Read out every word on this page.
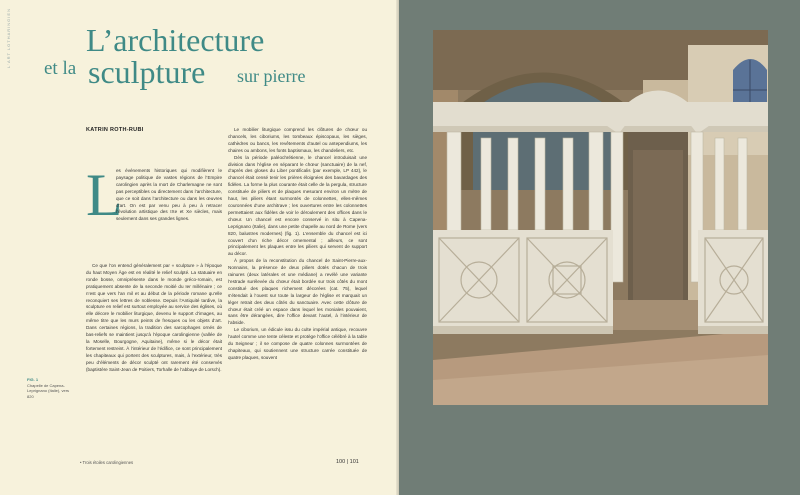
L'ART LOTHARINGIEN L’architecture
et la sculpture sur pierre
KATRIN ROTH-RUBI
L

es événements historiques qui modifièrent le paysage politique de vastes régions de l’Empire carolingien après la mort de Charlemagne ne sont pas perceptibles ou directement dans l’architecture, que ce soit dans l’architecture ou dans les œuvres d’art. On est par venu peu à peu à retracer l’évolution artistique des IXe et Xe siècles, mais seulement dans ses grandes lignes.

Ce que l’on entend généralement par « sculpture » à l’époque du haut Moyen Âge est en réalité le relief sculpté. La statuaire en ronde bosse, omniprésente dans le monde gréco-romain, est pratiquement absente de la seconde moitié du Ier millénaire ; ce n’est que vers l’an mil et au début de la période romane qu’elle reconquiert ses lettres de noblesse. Depuis l’Antiquité tardive, la sculpture en relief est surtout employée au service des églises, où elle décore le mobilier liturgique, devenu le support d’images, au même titre que les murs peints de fresques ou les objets d’art. Dans certaines régions, la tradition des sarcophages ornés de bas-reliefs se maintient jusqu’à l’époque carolingienne (vallée de la Moselle, Bourgogne, Aquitaine), même si le décor était fortement restreint. À l’intérieur de l’édifice, ce sont principalement les chapiteaux qui portent des sculptures, mais, à l’extérieur, très peu d’éléments de décor sculpté ont rarement été conservés (baptistère Saint-Jean de Poitiers, Torhalle de l’abbaye de Lorsch).

Le mobilier liturgique comprend les clôtures de chœur ou chancels, les ciboriums, les tombeaux épiscopaux, les sièges, cathèdres ou bancs, les revêtements d’autel ou antependiums, les chaires ou ambons, les fonts baptismaux, les chandeliers, etc.

Dès la période paléochrétienne, le chancel introduisait une division dans l’église en séparant le chœur (sanctuaire) de la nef, d’après des gloses du Liber pontificalis (par exemple, LP 442), le chancel était censé tenir les prières éloignées des bavardages des fidèles. La forme la plus courante était celle de la pergula, structure constituée de piliers et de plaques mesurant environ un mètre de haut, les piliers étant surmontés de colonnettes, elles-mêmes couronnées d’une architrave ; les ouvertures entre les colonnettes permettaient aux fidèles de voir le déroulement des offices dans le chœur. Un chancel est encore conservé in situ à Capena-Leprignano (Italie), dans une petite chapelle au nord de Rome (vers 820, balustres modernes) (fig. 1). L’ensemble du chancel est ici couvert d’un riche décor ornemental ; ailleurs, ce sont principalement les plaques entre les piliers qui servent de support au décor.

À propos de la reconstitution du chancel de Saint-Pierre-aux-Nonnains, la présence de deux piliers dotés chacun de trois rainures (deux latérales et une médiane) a revélé une variante l’estrade surélevée du chœur était bordée sur trois côtés du mont constitué des plaques richement décorées (cat. 75), lequel s’étendait à l’ouest sur toute la largeur de l’église et marquait un léger retrait des deux côtés du sanctuaire. Avec cette clôture de chœur était créé un espace dans lequel les moniales pouvaient, sans être dérangées, dire l’office devant l’autel, à l’intérieur de l’abside.

Le ciborium, un édicule issu du culte impérial antique, recouvre l’autel comme une tente céleste et protège l’office célébré à la table du Seigneur ; il se compose de quatre colonnes surmontées de chapiteaux, qui soutiennent une structure carrée constituée de quatre plaques, souvent

FIG. 1
Chapelle de Capena-Leprignano (Italie), vers 820
• Trois étoiles carolingiennes	100 | 101
